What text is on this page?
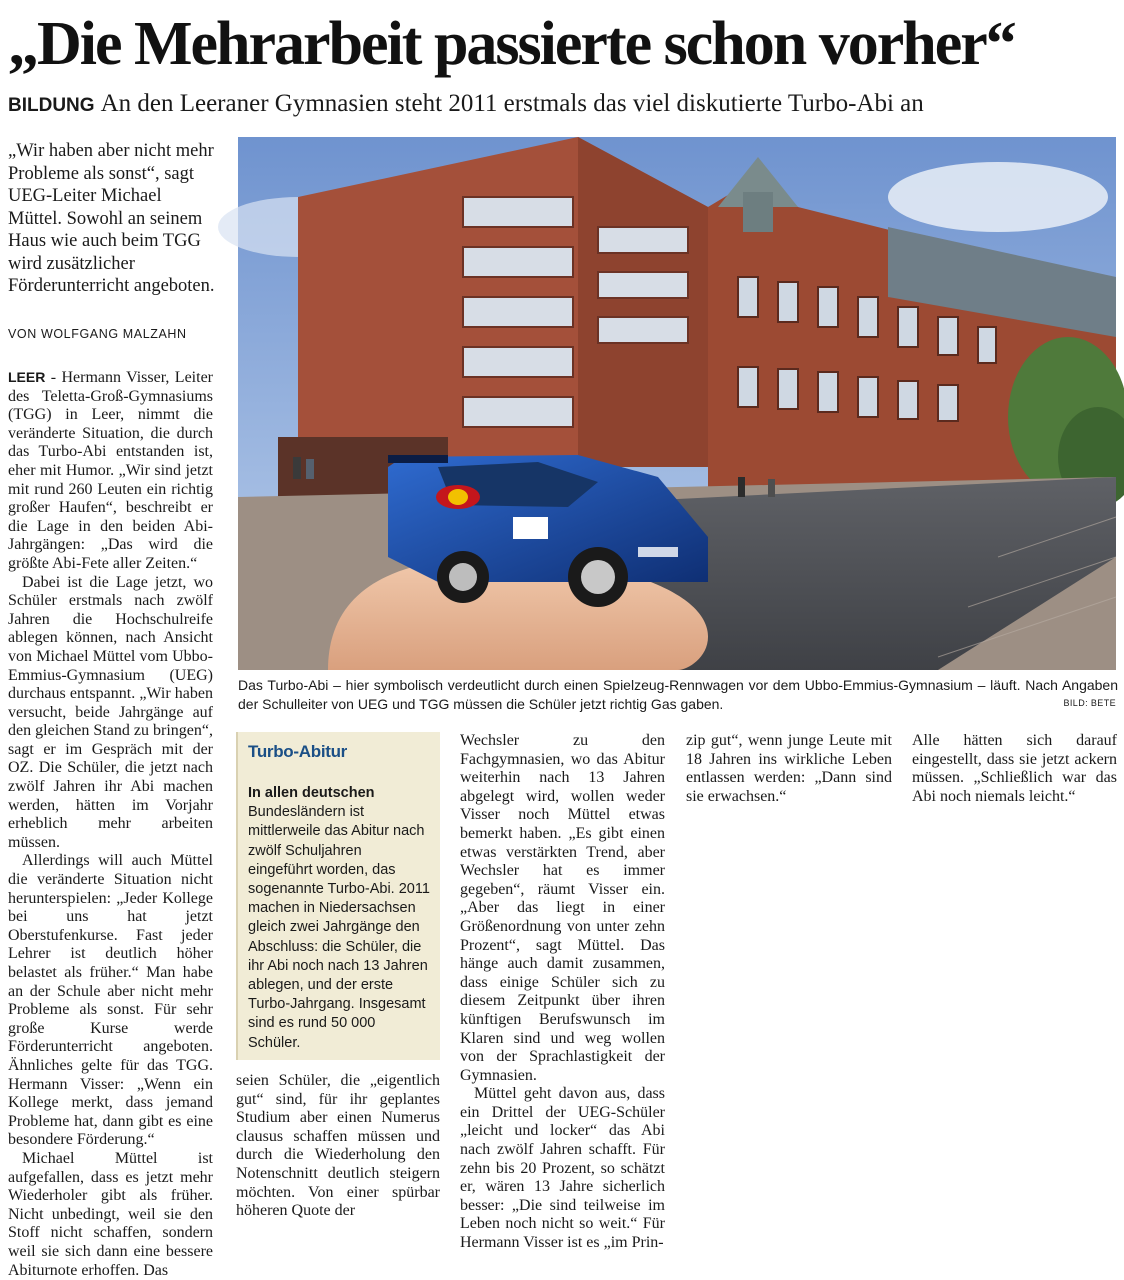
„Die Mehrarbeit passierte schon vorher“
BILDUNG An den Leeraner Gymnasien steht 2011 erstmals das viel diskutierte Turbo-Abi an
„Wir haben aber nicht mehr Probleme als sonst“, sagt UEG-Leiter Michael Müttel. Sowohl an seinem Haus wie auch beim TGG wird zusätzlicher Förderunterricht angeboten.
VON WOLFGANG MALZAHN

LEER - Hermann Visser, Leiter des Teletta-Groß-Gymnasiums (TGG) in Leer, nimmt die veränderte Situation, die durch das Turbo-Abi entstanden ist, eher mit Humor. „Wir sind jetzt mit rund 260 Leuten ein richtig großer Haufen“, beschreibt er die Lage in den beiden Abi-Jahrgängen: „Das wird die größte Abi-Fete aller Zeiten.“

Dabei ist die Lage jetzt, wo Schüler erstmals nach zwölf Jahren die Hochschulreife ablegen können, nach Ansicht von Michael Müttel vom Ubbo-Emmius-Gymnasium (UEG) durchaus entspannt. „Wir haben versucht, beide Jahrgänge auf den gleichen Stand zu bringen“, sagt er im Gespräch mit der OZ. Die Schüler, die jetzt nach zwölf Jahren ihr Abi machen werden, hätten im Vorjahr erheblich mehr arbeiten müssen.

Allerdings will auch Müttel die veränderte Situation nicht herunterspielen: „Jeder Kollege bei uns hat jetzt Oberstufenkurse. Fast jeder Lehrer ist deutlich höher belastet als früher.“ Man habe an der Schule aber nicht mehr Probleme als sonst. Für sehr große Kurse werde Förderunterricht angeboten. Ähnliches gelte für das TGG. Hermann Visser: „Wenn ein Kollege merkt, dass jemand Probleme hat, dann gibt es eine besondere Förderung.“

Michael Müttel ist aufgefallen, dass es jetzt mehr Wiederholer gibt als früher. Nicht unbedingt, weil sie den Stoff nicht schaffen, sondern weil sie sich dann eine bessere Abiturnote erhoffen. Das

Das Turbo-Abi – hier symbolisch verdeutlicht durch einen Spielzeug-Rennwagen vor dem Ubbo-Emmius-Gymnasium – läuft. Nach Angaben der Schulleiter von UEG und TGG müssen die Schüler jetzt richtig Gas gaben.	BILD: BETE
Turbo-Abitur
In allen deutschen Bundesländern ist mittlerweile das Abitur nach zwölf Schuljahren eingeführt worden, das sogenannte Turbo-Abi. 2011 machen in Niedersachsen gleich zwei Jahrgänge den Abschluss: die Schüler, die ihr Abi noch nach 13 Jahren ablegen, und der erste Turbo-Jahrgang. Insgesamt sind es rund 50 000 Schüler.

seien Schüler, die „eigentlich gut“ sind, für ihr geplantes Studium aber einen Numerus clausus schaffen müssen und durch die Wiederholung den Notenschnitt deutlich steigern möchten. Von einer spürbar höheren Quote der

Wechsler zu den Fachgymnasien, wo das Abitur weiterhin nach 13 Jahren abgelegt wird, wollen weder Visser noch Müttel etwas bemerkt haben. „Es gibt einen etwas verstärkten Trend, aber Wechsler hat es immer gegeben“, räumt Visser ein. „Aber das liegt in einer Größenordnung von unter zehn Prozent“, sagt Müttel. Das hänge auch damit zusammen, dass einige Schüler sich zu diesem Zeitpunkt über ihren künftigen Berufswunsch im Klaren sind und weg wollen von der Sprachlastigkeit der Gymnasien.

Müttel geht davon aus, dass ein Drittel der UEG-Schüler „leicht und locker“ das Abi nach zwölf Jahren schafft. Für zehn bis 20 Prozent, so schätzt er, wären 13 Jahre sicherlich besser: „Die sind teilweise im Leben noch nicht so weit.“ Für Hermann Visser ist es „im Prin-

zip gut“, wenn junge Leute mit 18 Jahren ins wirkliche Leben entlassen werden: „Dann sind sie erwachsen.“

Alle hätten sich darauf eingestellt, dass sie jetzt ackern müssen. „Schließlich war das Abi noch niemals leicht.“
